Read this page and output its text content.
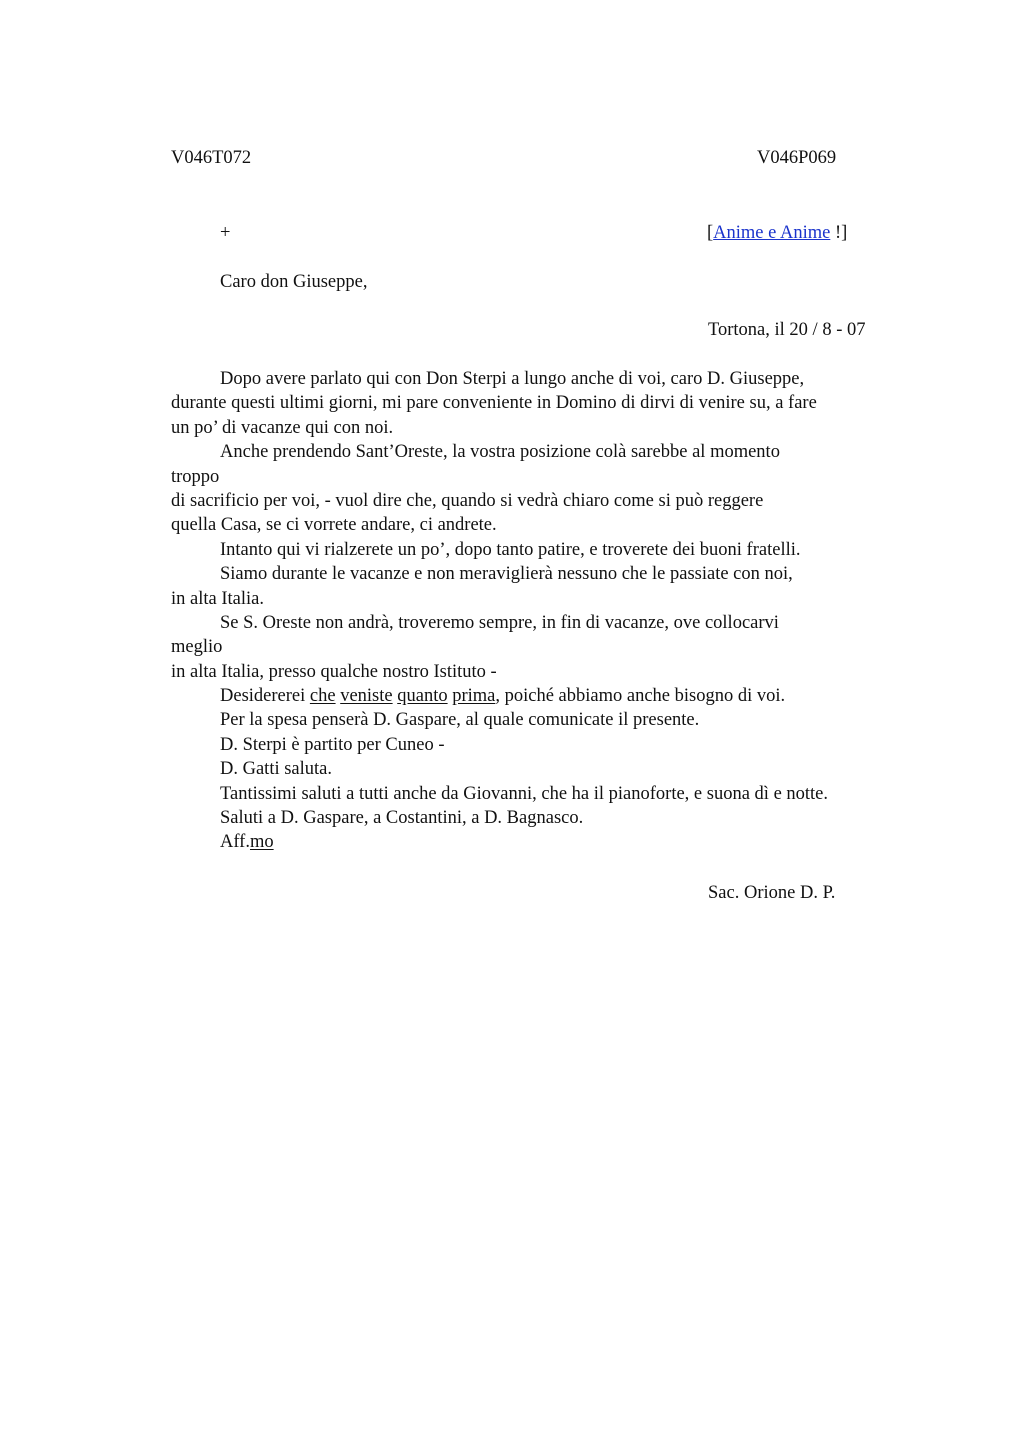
V046T072	V046P069
+	[Anime e Anime !]
Caro don Giuseppe,
Tortona, il 20 / 8 - 07
Dopo avere parlato qui con Don Sterpi a lungo anche di voi, caro D. Giuseppe,
durante questi ultimi giorni, mi pare conveniente in Domino di dirvi di venire su, a fare
un po’ di vacanze qui con noi.
Anche prendendo Sant’Oreste, la vostra posizione colà sarebbe al momento
troppo
di sacrificio per voi, - vuol dire che, quando si vedrà chiaro come si può reggere
quella Casa, se ci vorrete andare, ci andrete.
Intanto qui vi rialzerete un po’, dopo tanto patire, e troverete dei buoni fratelli.
Siamo durante le vacanze e non meraviglierà nessuno che le passiate con noi,
in alta Italia.
Se S. Oreste non andrà, troveremo sempre, in fin di vacanze, ove collocarvi
meglio
in alta Italia, presso qualche nostro Istituto -
Desidererei che veniste quanto prima, poiché abbiamo anche bisogno di voi.
Per la spesa penserà D. Gaspare, al quale comunicate il presente.
D. Sterpi è partito per Cuneo -
D. Gatti saluta.
Tantissimi saluti a tutti anche da Giovanni, che ha il pianoforte, e suona dì e notte.
Saluti a D. Gaspare, a Costantini, a D. Bagnasco.
Aff.mo
Sac. Orione D. P.
